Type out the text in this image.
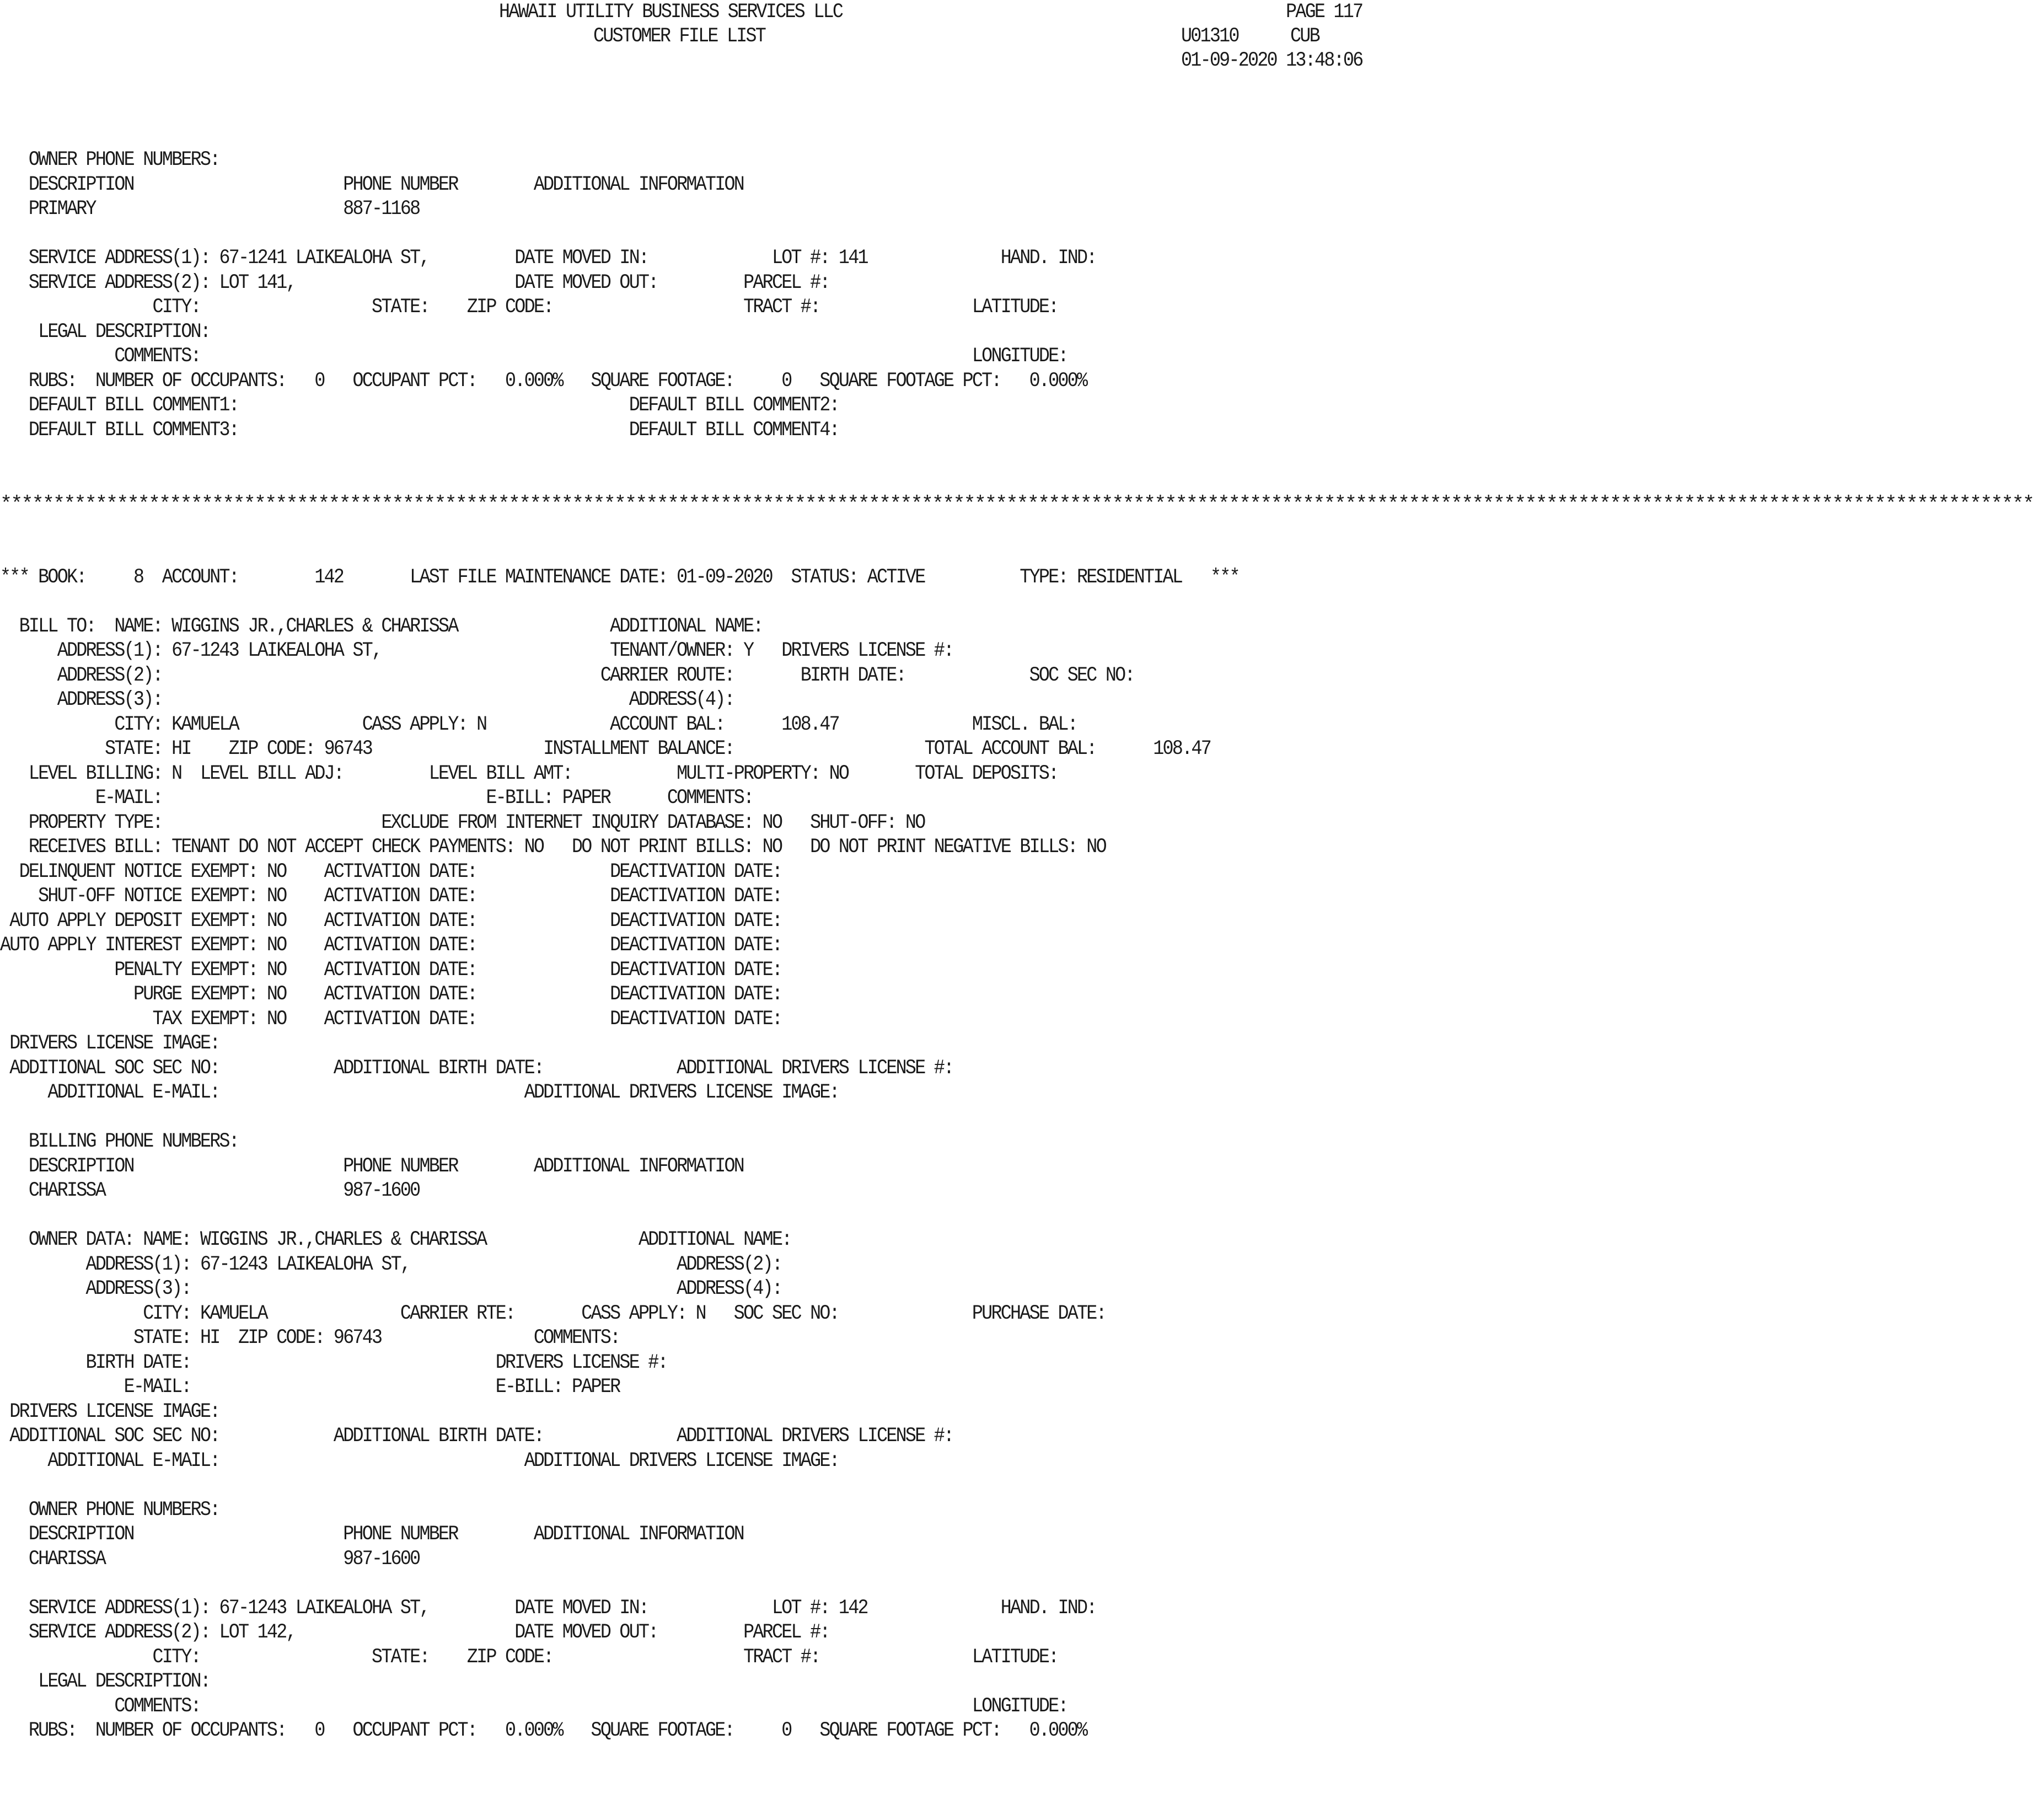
HAWAII UTILITY BUSINESS SERVICES LLC	PAGE 117
CUSTOMER FILE LIST	U01310	CUB
01-09-2020 13:48:06
OWNER PHONE NUMBERS:
DESCRIPTION                      PHONE NUMBER        ADDITIONAL INFORMATION
PRIMARY                          887-1168
SERVICE ADDRESS(1): 67-1241 LAIKEALOHA ST,         DATE MOVED IN:             LOT #: 141              HAND. IND:
SERVICE ADDRESS(2): LOT 141,                       DATE MOVED OUT:         PARCEL #:
CITY:                  STATE:    ZIP CODE:                    TRACT #:                LATITUDE:
LEGAL DESCRIPTION:
COMMENTS:                                                                                 LONGITUDE:
RUBS:  NUMBER OF OCCUPANTS:   0   OCCUPANT PCT:   0.000%   SQUARE FOOTAGE:     0   SQUARE FOOTAGE PCT:   0.000%
DEFAULT BILL COMMENT1:                                         DEFAULT BILL COMMENT2:
DEFAULT BILL COMMENT3:                                         DEFAULT BILL COMMENT4:
************************************************************************************************************************************************************************************************
*** BOOK:     8  ACCOUNT:        142       LAST FILE MAINTENANCE DATE: 01-09-2020  STATUS: ACTIVE          TYPE: RESIDENTIAL   ***
BILL TO:  NAME: WIGGINS JR.,CHARLES & CHARISSA                ADDITIONAL NAME:
ADDRESS(1): 67-1243 LAIKEALOHA ST,                        TENANT/OWNER: Y   DRIVERS LICENSE #:
ADDRESS(2):                                              CARRIER ROUTE:       BIRTH DATE:             SOC SEC NO:
ADDRESS(3):                                                 ADDRESS(4):
CITY: KAMUELA             CASS APPLY: N             ACCOUNT BAL:      108.47              MISCL. BAL:
STATE: HI    ZIP CODE: 96743                  INSTALLMENT BALANCE:                    TOTAL ACCOUNT BAL:      108.47
LEVEL BILLING: N  LEVEL BILL ADJ:         LEVEL BILL AMT:           MULTI-PROPERTY: NO       TOTAL DEPOSITS:
E-MAIL:                                  E-BILL: PAPER      COMMENTS:
PROPERTY TYPE:                       EXCLUDE FROM INTERNET INQUIRY DATABASE: NO   SHUT-OFF: NO
RECEIVES BILL: TENANT DO NOT ACCEPT CHECK PAYMENTS: NO   DO NOT PRINT BILLS: NO   DO NOT PRINT NEGATIVE BILLS: NO
DELINQUENT NOTICE EXEMPT: NO    ACTIVATION DATE:              DEACTIVATION DATE:
SHUT-OFF NOTICE EXEMPT: NO    ACTIVATION DATE:              DEACTIVATION DATE:
AUTO APPLY DEPOSIT EXEMPT: NO    ACTIVATION DATE:              DEACTIVATION DATE:
AUTO APPLY INTEREST EXEMPT: NO    ACTIVATION DATE:              DEACTIVATION DATE:
PENALTY EXEMPT: NO    ACTIVATION DATE:              DEACTIVATION DATE:
PURGE EXEMPT: NO    ACTIVATION DATE:              DEACTIVATION DATE:
TAX EXEMPT: NO    ACTIVATION DATE:              DEACTIVATION DATE:
DRIVERS LICENSE IMAGE:
ADDITIONAL SOC SEC NO:            ADDITIONAL BIRTH DATE:              ADDITIONAL DRIVERS LICENSE #:
ADDITIONAL E-MAIL:                                ADDITIONAL DRIVERS LICENSE IMAGE:
BILLING PHONE NUMBERS:
DESCRIPTION                      PHONE NUMBER        ADDITIONAL INFORMATION
CHARISSA                         987-1600
OWNER DATA: NAME: WIGGINS JR.,CHARLES & CHARISSA                ADDITIONAL NAME:
ADDRESS(1): 67-1243 LAIKEALOHA ST,                            ADDRESS(2):
ADDRESS(3):                                                   ADDRESS(4):
CITY: KAMUELA              CARRIER RTE:       CASS APPLY: N   SOC SEC NO:              PURCHASE DATE:
STATE: HI  ZIP CODE: 96743                COMMENTS:
BIRTH DATE:                                DRIVERS LICENSE #:
E-MAIL:                                E-BILL: PAPER
DRIVERS LICENSE IMAGE:
ADDITIONAL SOC SEC NO:            ADDITIONAL BIRTH DATE:              ADDITIONAL DRIVERS LICENSE #:
ADDITIONAL E-MAIL:                                ADDITIONAL DRIVERS LICENSE IMAGE:
OWNER PHONE NUMBERS:
DESCRIPTION                      PHONE NUMBER        ADDITIONAL INFORMATION
CHARISSA                         987-1600
SERVICE ADDRESS(1): 67-1243 LAIKEALOHA ST,         DATE MOVED IN:             LOT #: 142              HAND. IND:
SERVICE ADDRESS(2): LOT 142,                       DATE MOVED OUT:         PARCEL #:
CITY:                  STATE:    ZIP CODE:                    TRACT #:                LATITUDE:
LEGAL DESCRIPTION:
COMMENTS:                                                                                 LONGITUDE:
RUBS:  NUMBER OF OCCUPANTS:   0   OCCUPANT PCT:   0.000%   SQUARE FOOTAGE:     0   SQUARE FOOTAGE PCT:   0.000%
